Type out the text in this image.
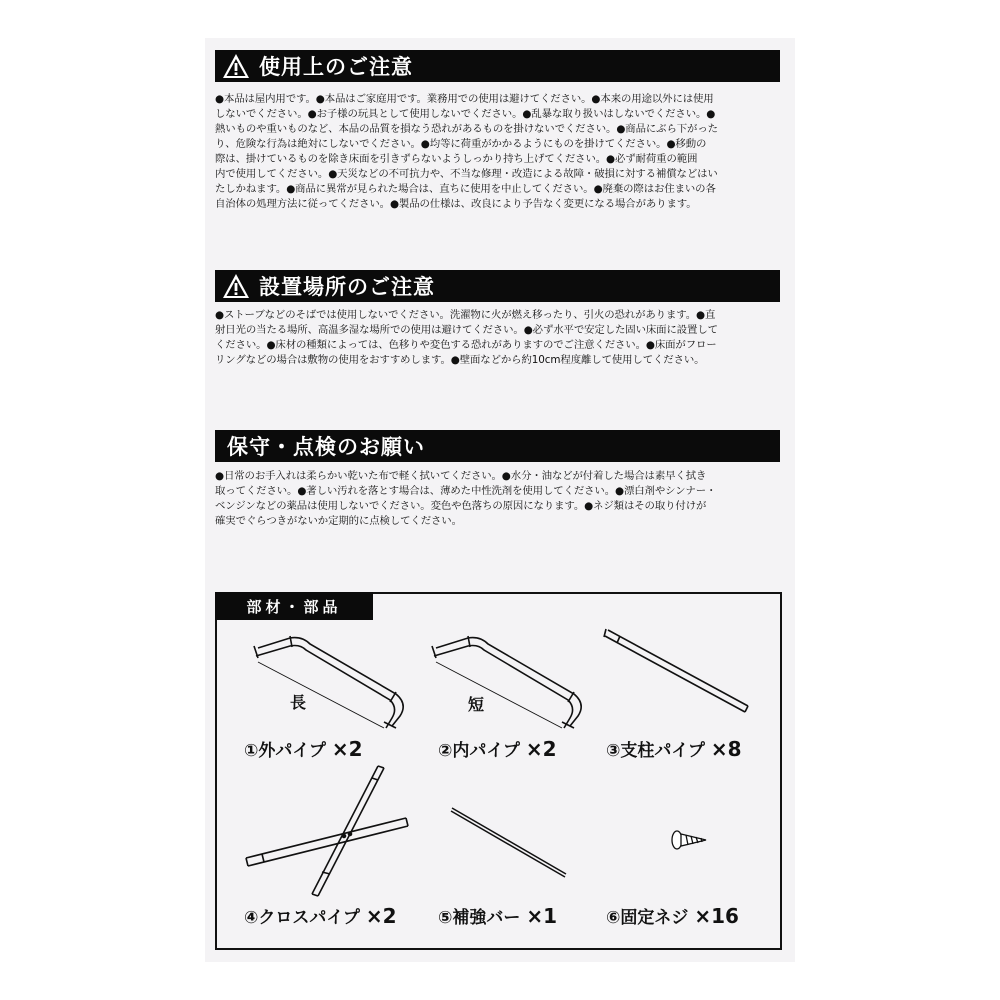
使用上のご注意
●本品は屋内用です。●本品はご家庭用です。業務用での使用は避けてください。●本来の用途以外には使用
しないでください。●お子様の玩具として使用しないでください。●乱暴な取り扱いはしないでください。●
熱いものや重いものなど、本品の品質を損なう恐れがあるものを掛けないでください。●商品にぶら下がった
り、危険な行為は絶対にしないでください。●均等に荷重がかかるようにものを掛けてください。●移動の
際は、掛けているものを除き床面を引きずらないようしっかり持ち上げてください。●必ず耐荷重の範囲
内で使用してください。●天災などの不可抗力や、不当な修理・改造による故障・破損に対する補償などはい
たしかねます。●商品に異常が見られた場合は、直ちに使用を中止してください。●廃棄の際はお住まいの各
自治体の処理方法に従ってください。●製品の仕様は、改良により予告なく変更になる場合があります。
設置場所のご注意
●ストーブなどのそばでは使用しないでください。洗濯物に火が燃え移ったり、引火の恐れがあります。●直
射日光の当たる場所、高温多湿な場所での使用は避けてください。●必ず水平で安定した固い床面に設置して
ください。●床材の種類によっては、色移りや変色する恐れがありますのでご注意ください。●床面がフロー
リングなどの場合は敷物の使用をおすすめします。●壁面などから約10cm程度離して使用してください。
保守・点検のお願い
●日常のお手入れは柔らかい乾いた布で軽く拭いてください。●水分・油などが付着した場合は素早く拭き
取ってください。●著しい汚れを落とす場合は、薄めた中性洗剤を使用してください。●漂白剤やシンナー・
ベンジンなどの薬品は使用しないでください。変色や色落ちの原因になります。●ネジ類はその取り付けが
確実でぐらつきがないか定期的に点検してください。
部材・部品
長	短
①外パイプ ×2	②内パイプ ×2	③支柱パイプ ×8
④クロスパイプ ×2 ⑤補強バー ×1	⑥固定ネジ ×16
